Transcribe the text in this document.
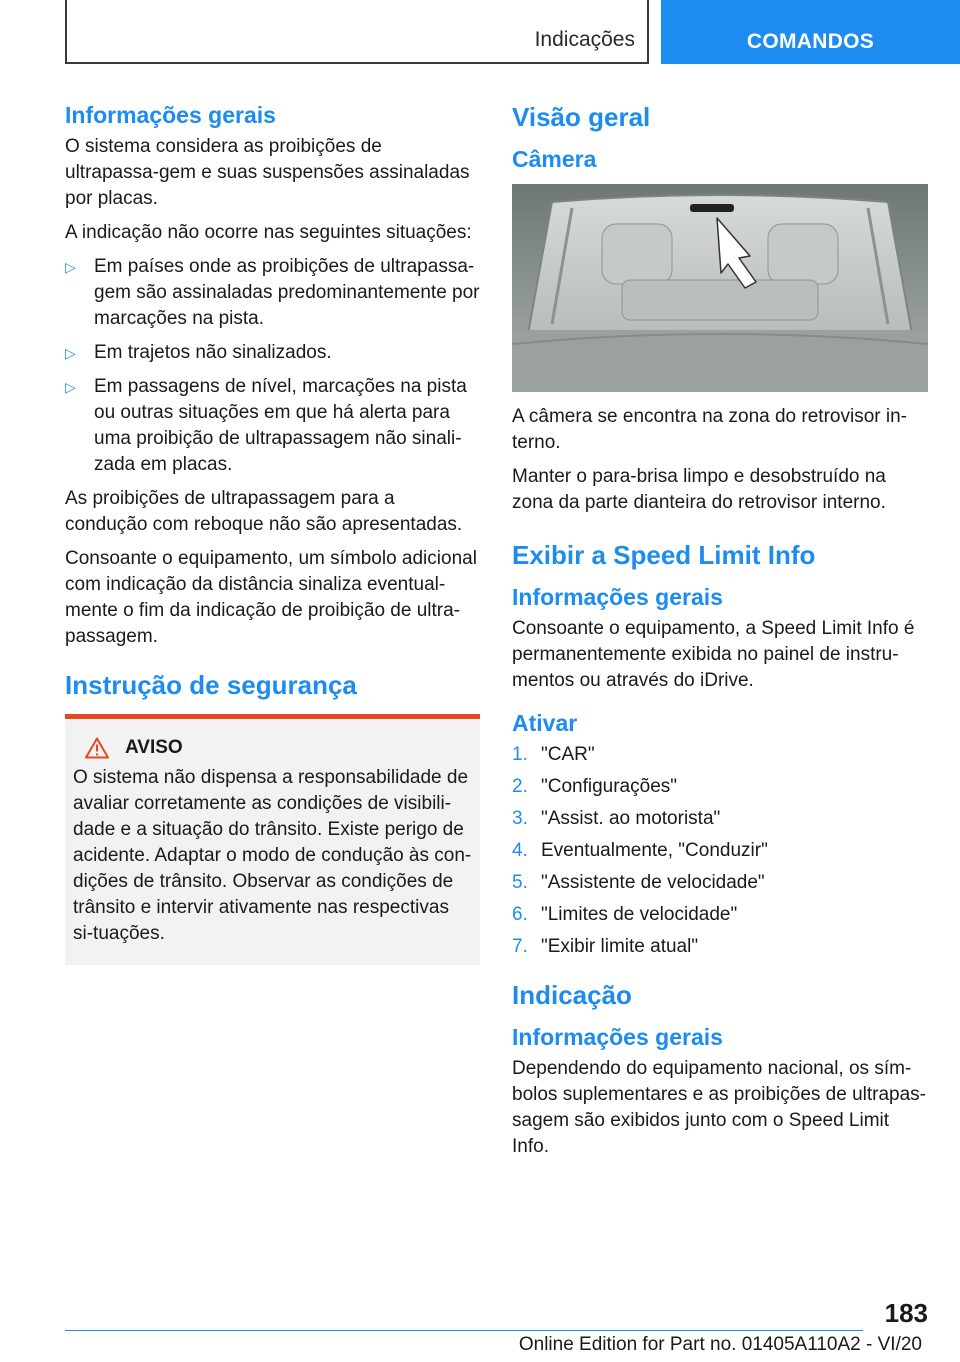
Indicações	COMANDOS
Informações gerais

O sistema considera as proibições de ultrapassa-gem e suas suspensões assinaladas por placas.

A indicação não ocorre nas seguintes situações:

▷ Em países onde as proibições de ultrapassa-gem são assinaladas predominantemente por marcações na pista.
▷ Em trajetos não sinalizados.
▷ Em passagens de nível, marcações na pista ou outras situações em que há alerta para uma proibição de ultrapassagem não sinali-zada em placas.

As proibições de ultrapassagem para a condução com reboque não são apresentadas.

Consoante o equipamento, um símbolo adicional com indicação da distância sinaliza eventual-mente o fim da indicação de proibição de ultra-passagem.

Instrução de segurança
AVISO

O sistema não dispensa a responsabilidade de avaliar corretamente as condições de visibili-dade e a situação do trânsito. Existe perigo de acidente. Adaptar o modo de condução às con-dições de trânsito. Observar as condições de trânsito e intervir ativamente nas respectivas si-tuações.

Visão geral
Câmera

A câmera se encontra na zona do retrovisor in-terno.

Manter o para-brisa limpo e desobstruído na zona da parte dianteira do retrovisor interno.

Exibir a Speed Limit Info
Informações gerais

Consoante o equipamento, a Speed Limit Info é permanentemente exibida no painel de instru-mentos ou através do iDrive.

Ativar
1. "CAR"
2. "Configurações"
3. "Assist. ao motorista"
4. Eventualmente, "Conduzir"
5. "Assistente de velocidade"
6. "Limites de velocidade"
7. "Exibir limite atual"
Indicação
Informações gerais

Dependendo do equipamento nacional, os sím-bolos suplementares e as proibições de ultrapas-sagem são exibidos junto com o Speed Limit Info.

183
Online Edition for Part no. 01405A110A2 - VI/20
